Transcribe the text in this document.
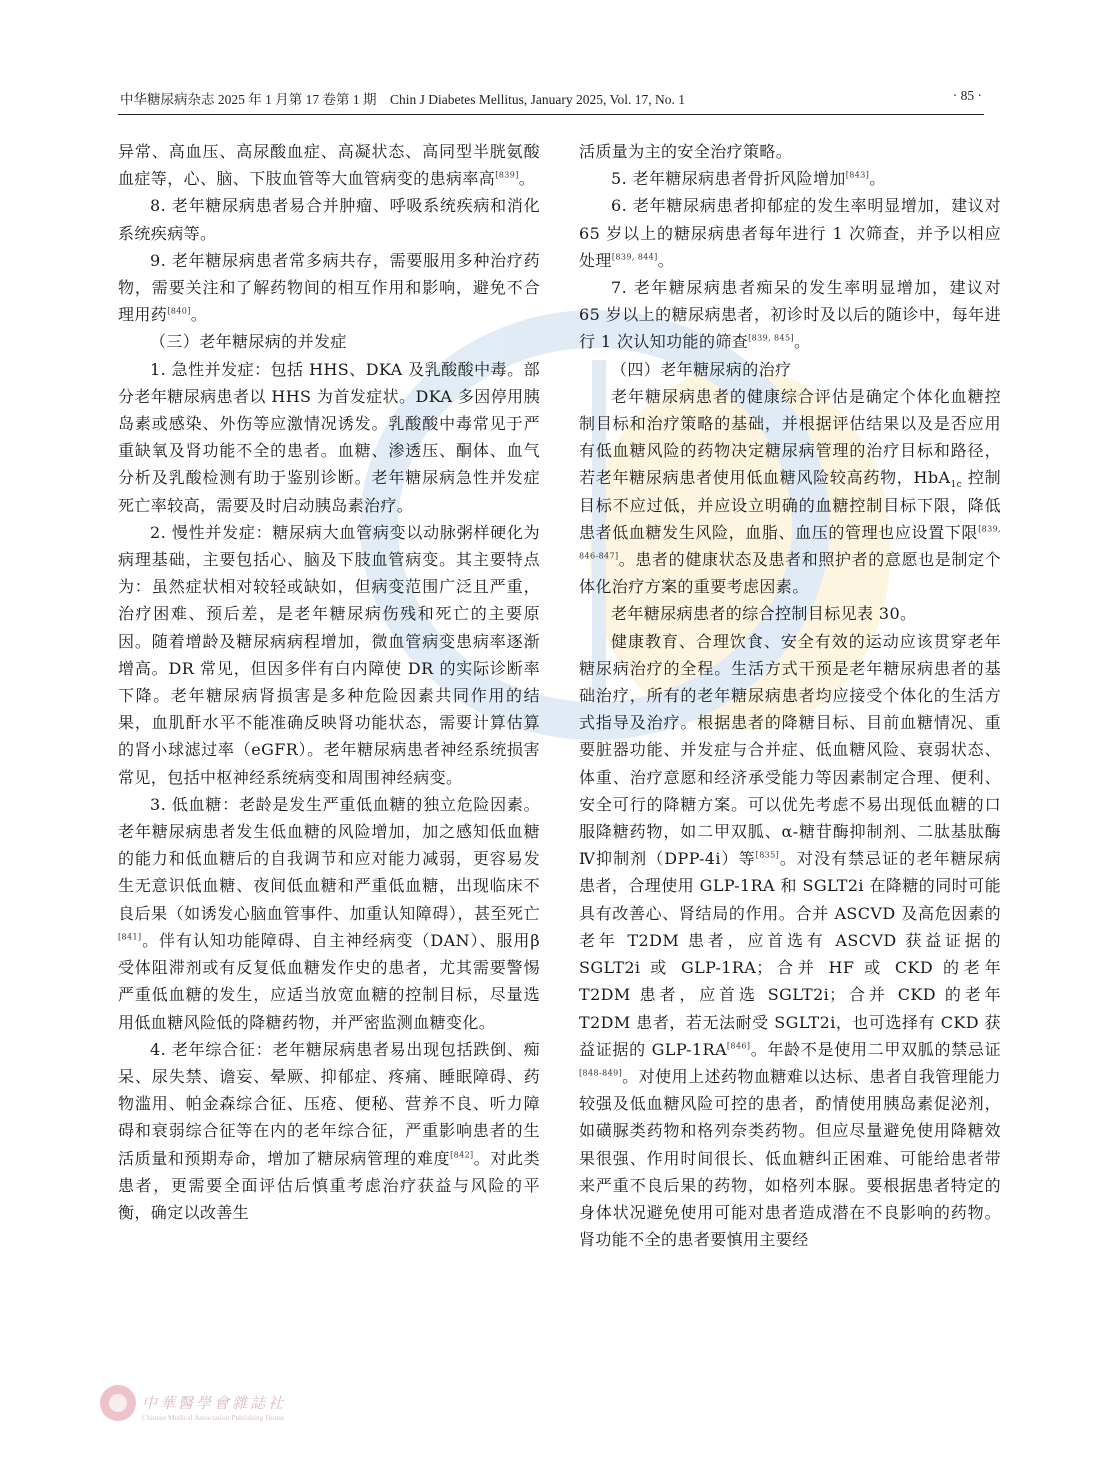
中华糖尿病杂志 2025 年 1 月第 17 卷第 1 期　Chin J Diabetes Mellitus, January 2025, Vol. 17, No. 1	· 85 ·

异常、高血压、高尿酸血症、高凝状态、高同型半胱氨酸血症等，心、脑、下肢血管等大血管病变的患病率高[839]。

8. 老年糖尿病患者易合并肿瘤、呼吸系统疾病和消化系统疾病等。

9. 老年糖尿病患者常多病共存，需要服用多种治疗药物，需要关注和了解药物间的相互作用和影响，避免不合理用药[840]。

（三）老年糖尿病的并发症

1. 急性并发症：包括 HHS、DKA 及乳酸酸中毒。部分老年糖尿病患者以 HHS 为首发症状。DKA 多因停用胰岛素或感染、外伤等应激情况诱发。乳酸酸中毒常见于严重缺氧及肾功能不全的患者。血糖、渗透压、酮体、血气分析及乳酸检测有助于鉴别诊断。老年糖尿病急性并发症死亡率较高，需要及时启动胰岛素治疗。

2. 慢性并发症：糖尿病大血管病变以动脉粥样硬化为病理基础，主要包括心、脑及下肢血管病变。其主要特点为：虽然症状相对较轻或缺如，但病变范围广泛且严重，治疗困难、预后差，是老年糖尿病伤残和死亡的主要原因。随着增龄及糖尿病病程增加，微血管病变患病率逐渐增高。DR 常见，但因多伴有白内障使 DR 的实际诊断率下降。老年糖尿病肾损害是多种危险因素共同作用的结果，血肌酐水平不能准确反映肾功能状态，需要计算估算的肾小球滤过率（eGFR）。老年糖尿病患者神经系统损害常见，包括中枢神经系统病变和周围神经病变。

3. 低血糖：老龄是发生严重低血糖的独立危险因素。老年糖尿病患者发生低血糖的风险增加，加之感知低血糖的能力和低血糖后的自我调节和应对能力减弱，更容易发生无意识低血糖、夜间低血糖和严重低血糖，出现临床不良后果（如诱发心脑血管事件、加重认知障碍），甚至死亡[841]。伴有认知功能障碍、自主神经病变（DAN）、服用β受体阻滞剂或有反复低血糖发作史的患者，尤其需要警惕严重低血糖的发生，应适当放宽血糖的控制目标，尽量选用低血糖风险低的降糖药物，并严密监测血糖变化。

4. 老年综合征：老年糖尿病患者易出现包括跌倒、痴呆、尿失禁、谵妄、晕厥、抑郁症、疼痛、睡眠障碍、药物滥用、帕金森综合征、压疮、便秘、营养不良、听力障碍和衰弱综合征等在内的老年综合征，严重影响患者的生活质量和预期寿命，增加了糖尿病管理的难度[842]。对此类患者，更需要全面评估后慎重考虑治疗获益与风险的平衡，确定以改善生

活质量为主的安全治疗策略。

5. 老年糖尿病患者骨折风险增加[843]。

6. 老年糖尿病患者抑郁症的发生率明显增加，建议对 65 岁以上的糖尿病患者每年进行 1 次筛查，并予以相应处理[839, 844]。

7. 老年糖尿病患者痴呆的发生率明显增加，建议对 65 岁以上的糖尿病患者，初诊时及以后的随诊中，每年进行 1 次认知功能的筛查[839, 845]。

（四）老年糖尿病的治疗

老年糖尿病患者的健康综合评估是确定个体化血糖控制目标和治疗策略的基础，并根据评估结果以及是否应用有低血糖风险的药物决定糖尿病管理的治疗目标和路径，若老年糖尿病患者使用低血糖风险较高药物，HbA$_{1c}$ 控制目标不应过低，并应设立明确的血糖控制目标下限，降低患者低血糖发生风险，血脂、血压的管理也应设置下限[839, 846-847]。患者的健康状态及患者和照护者的意愿也是制定个体化治疗方案的重要考虑因素。

老年糖尿病患者的综合控制目标见表 30。

健康教育、合理饮食、安全有效的运动应该贯穿老年糖尿病治疗的全程。生活方式干预是老年糖尿病患者的基础治疗，所有的老年糖尿病患者均应接受个体化的生活方式指导及治疗。根据患者的降糖目标、目前血糖情况、重要脏器功能、并发症与合并症、低血糖风险、衰弱状态、体重、治疗意愿和经济承受能力等因素制定合理、便利、安全可行的降糖方案。可以优先考虑不易出现低血糖的口服降糖药物，如二甲双胍、α-糖苷酶抑制剂、二肽基肽酶Ⅳ抑制剂（DPP-4i）等[835]。对没有禁忌证的老年糖尿病患者，合理使用 GLP-1RA 和 SGLT2i 在降糖的同时可能具有改善心、肾结局的作用。合并 ASCVD 及高危因素的老年 T2DM 患者，应首选有 ASCVD 获益证据的 SGLT2i 或 GLP-1RA；合并 HF 或 CKD 的老年 T2DM 患者，应首选 SGLT2i；合并 CKD 的老年 T2DM 患者，若无法耐受 SGLT2i，也可选择有 CKD 获益证据的 GLP-1RA[846]。年龄不是使用二甲双胍的禁忌证[848-849]。对使用上述药物血糖难以达标、患者自我管理能力较强及低血糖风险可控的患者，酌情使用胰岛素促泌剂，如磺脲类药物和格列奈类药物。但应尽量避免使用降糖效果很强、作用时间很长、低血糖纠正困难、可能给患者带来严重不良后果的药物，如格列本脲。要根据患者特定的身体状况避免使用可能对患者造成潜在不良影响的药物。肾功能不全的患者要慎用主要经

中華醫學會雜誌社
Chinese Medical Association Publishing House
